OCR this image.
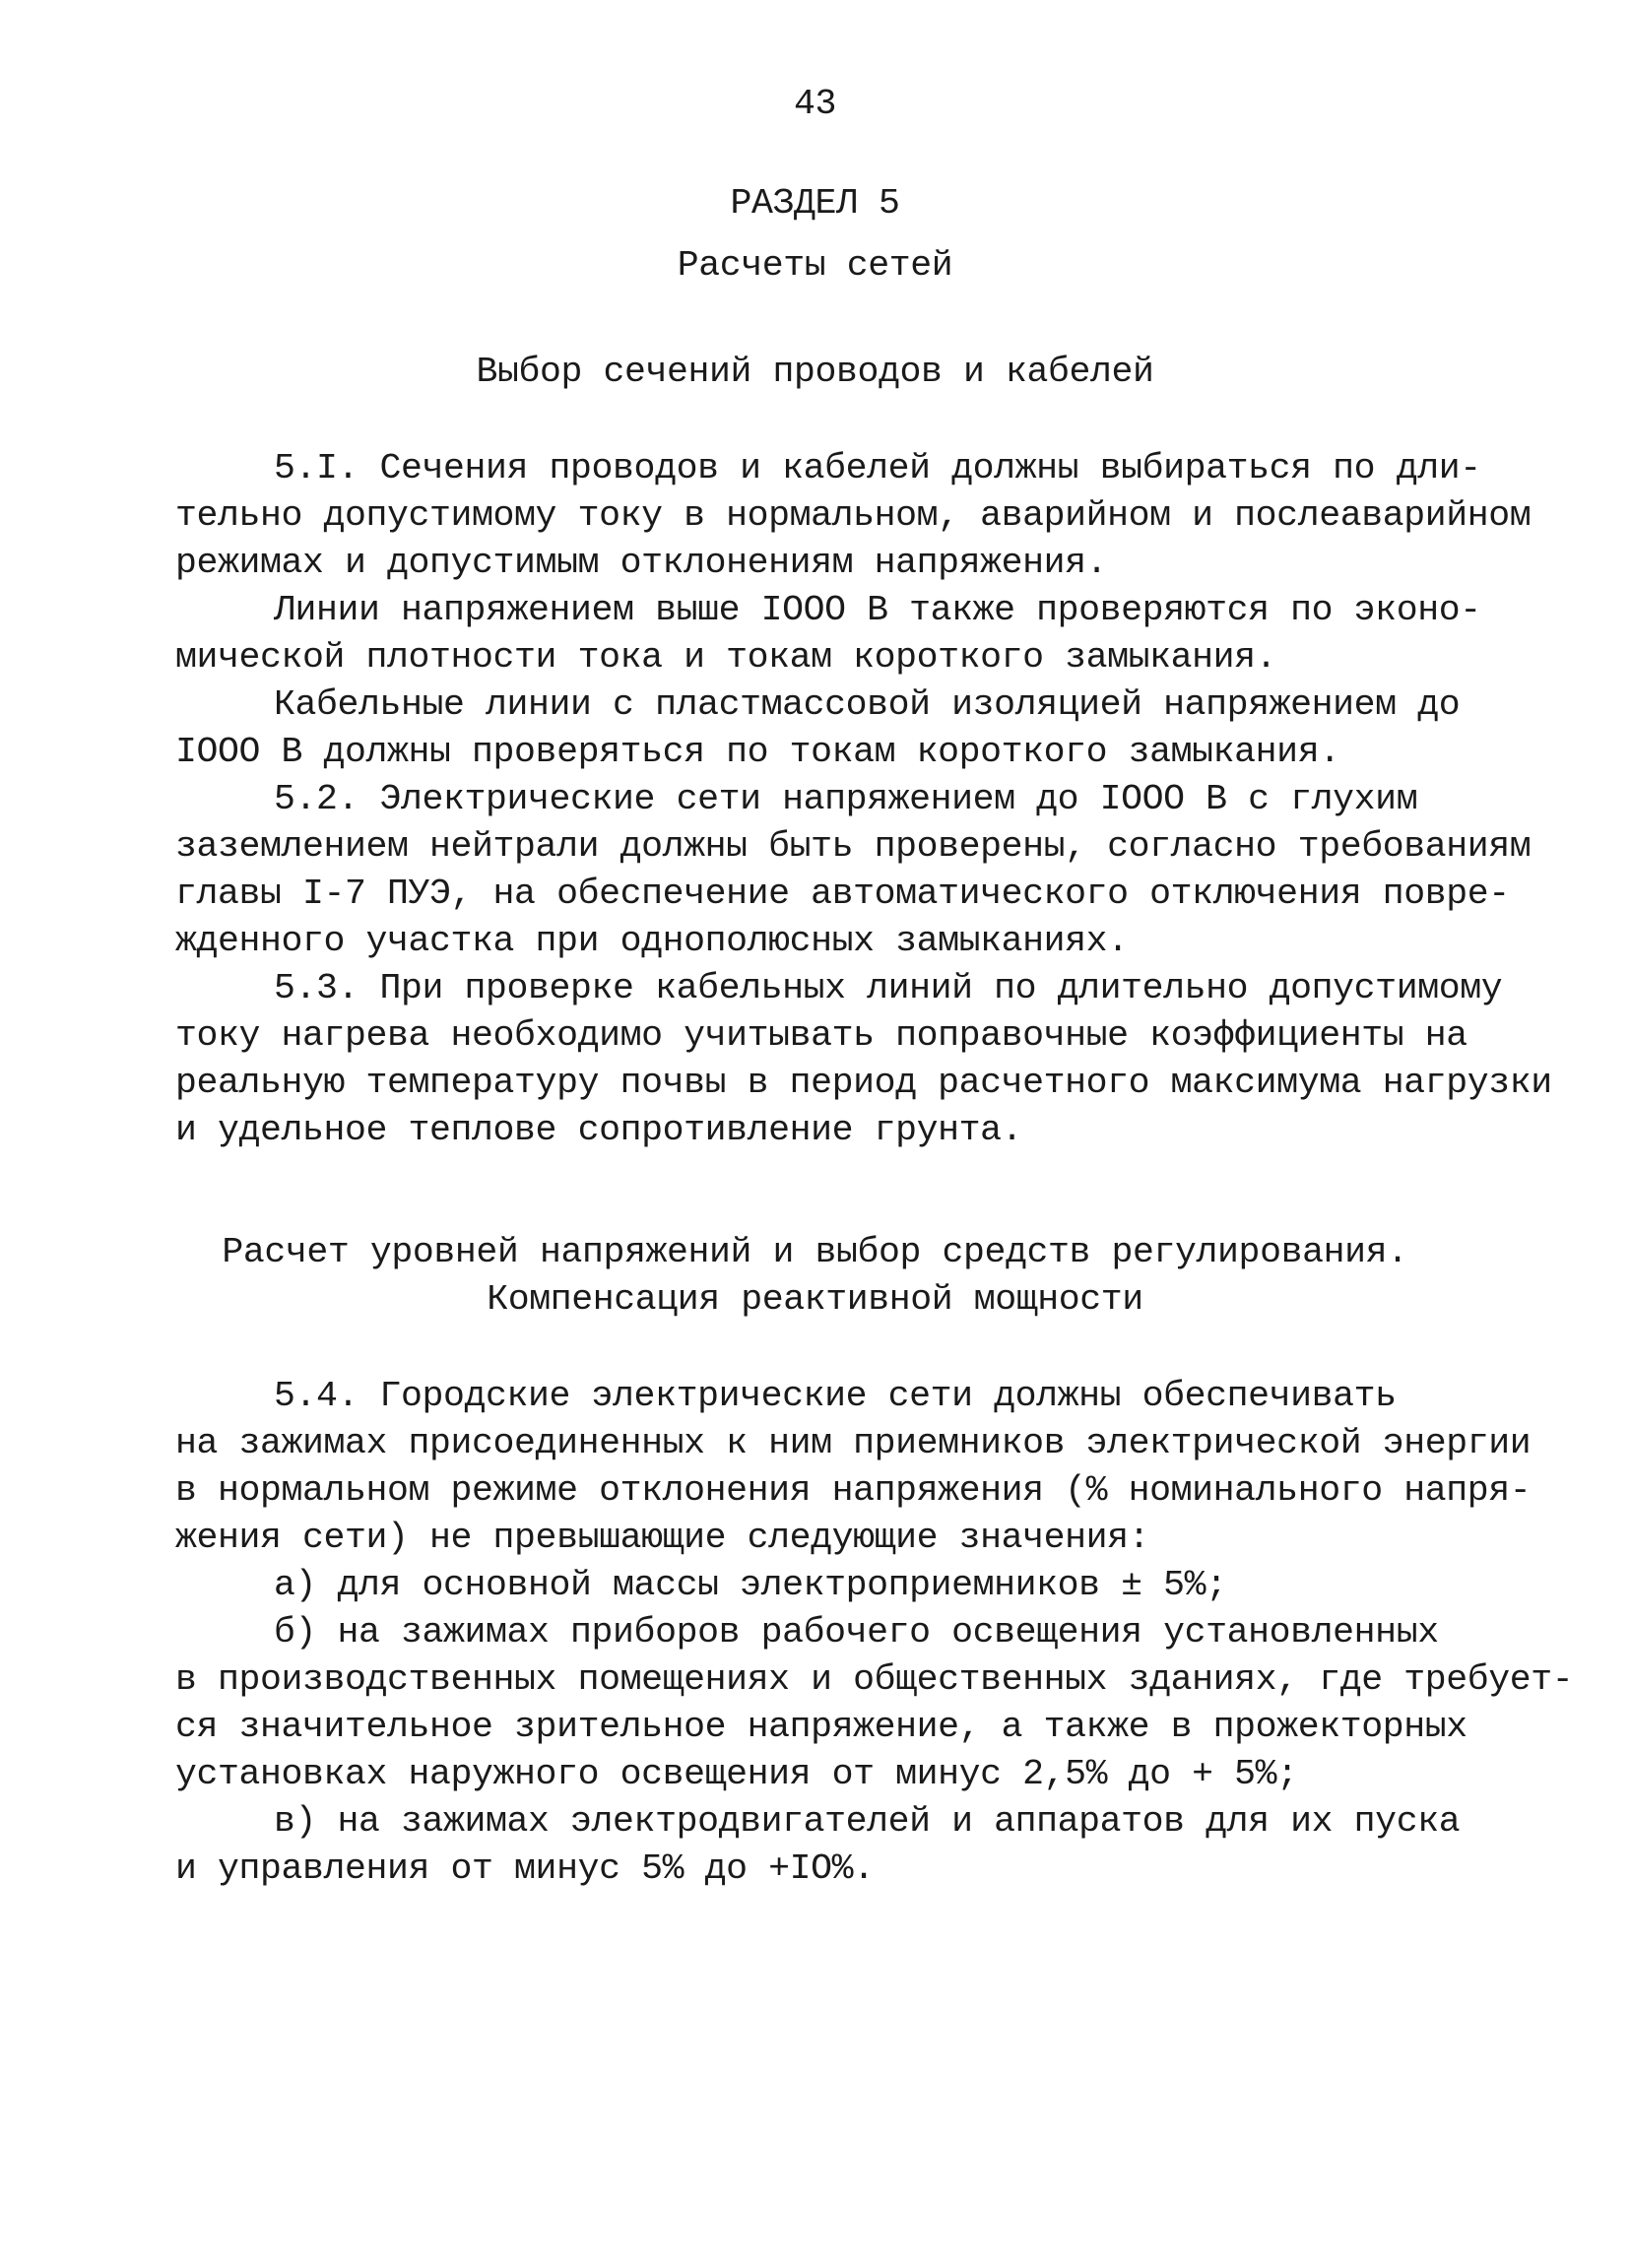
43
РАЗДЕЛ 5
Расчеты сетей
Выбор сечений проводов и кабелей
5.I. Сечения проводов и кабелей должны выбираться по дли-
тельно допустимому току в нормальном, аварийном и послеаварийном
режимах и допустимым отклонениям напряжения.
Линии напряжением выше IOOO В также проверяются по эконо-
мической плотности тока и токам короткого замыкания.
Кабельные линии с пластмассовой изоляцией напряжением до
IOOO В должны проверяться по токам короткого замыкания.
5.2. Электрические сети напряжением до IOOO В с глухим
заземлением нейтрали должны быть проверены, согласно требованиям
главы I-7 ПУЭ, на обеспечение автоматического отключения повре-
жденного участка при однополюсных замыканиях.
5.3. При проверке кабельных линий по длительно допустимому
току нагрева необходимо учитывать поправочные коэффициенты на
реальную температуру почвы в период расчетного максимума нагрузки
и удельное теплове сопротивление грунта.
Расчет уровней напряжений и выбор средств регулирования.
Компенсация реактивной мощности
5.4. Городские электрические сети должны обеспечивать
на зажимах присоединенных к ним приемников электрической энергии
в нормальном режиме отклонения напряжения (% номинального напря-
жения сети) не превышающие следующие значения:
а) для основной массы электроприемников ± 5%;
б) на зажимах приборов рабочего освещения установленных
в производственных помещениях и общественных зданиях, где требует-
ся значительное зрительное напряжение, а также в прожекторных
установках наружного освещения от минус 2,5% до + 5%;
в) на зажимах электродвигателей и аппаратов для их пуска
и управления от минус 5% до +IO%.
